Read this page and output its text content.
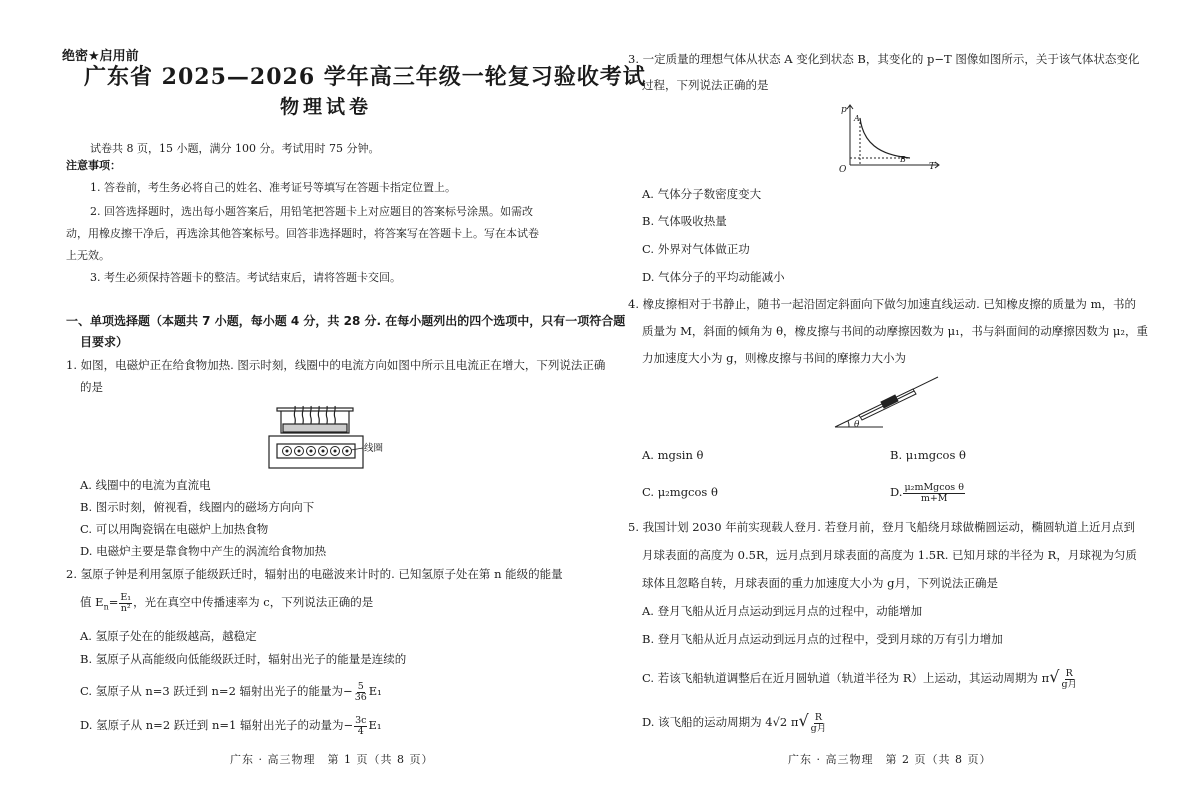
绝密★启用前
广东省 2025—2026 学年高三年级一轮复习验收考试
物理试卷
试卷共 8 页，15 小题，满分 100 分。考试用时 75 分钟。
注意事项：
1. 答卷前，考生务必将自己的姓名、准考证号等填写在答题卡指定位置上。
2. 回答选择题时，选出每小题答案后，用铅笔把答题卡上对应题目的答案标号涂黑。如需改
动，用橡皮擦干净后，再选涂其他答案标号。回答非选择题时，将答案写在答题卡上。写在本试卷
上无效。
3. 考生必须保持答题卡的整洁。考试结束后，请将答题卡交回。
一、单项选择题（本题共 7 小题，每小题 4 分，共 28 分. 在每小题列出的四个选项中，只有一项符合题
目要求）
1. 如图，电磁炉正在给食物加热. 图示时刻，线圈中的电流方向如图中所示且电流正在增大，下列说法正确
的是
线圈
A. 线圈中的电流为直流电
B. 图示时刻，俯视看，线圈内的磁场方向向下
C. 可以用陶瓷锅在电磁炉上加热食物
D. 电磁炉主要是靠食物中产生的涡流给食物加热
2. 氢原子钟是利用氢原子能级跃迁时，辐射出的电磁波来计时的. 已知氢原子处在第 n 能级的能量
值 $E_n= \frac{\text{E₁}}{\text{n²}}$ ，光在真空中传播速率为 c，下列说法正确的是
A. 氢原子处在的能级越高，越稳定
B. 氢原子从高能级向低能级跃迁时，辐射出光子的能量是连续的
C. 氢原子从 n=3 跃迁到 n=2 辐射出光子的能量为− $\frac{5}{36} E_1$
D. 氢原子从 n=2 跃迁到 n=1 辐射出光子的动量为− $\frac{3c}{4} E_1$
广东 · 高三物理　第 1 页（共 8 页）
3. 一定质量的理想气体从状态 A 变化到状态 B，其变化的 p−T 图像如图所示，关于该气体状态变化
过程，下列说法正确的是
p
T
O
A
B
A. 气体分子数密度变大
B. 气体吸收热量
C. 外界对气体做正功
D. 气体分子的平均动能减小
4. 橡皮擦相对于书静止，随书一起沿固定斜面向下做匀加速直线运动. 已知橡皮擦的质量为 m，书的
质量为 M，斜面的倾角为 θ，橡皮擦与书间的动摩擦因数为 μ₁，书与斜面间的动摩擦因数为 μ₂，重
力加速度大小为 g，则橡皮擦与书间的摩擦力大小为
θ
A. mgsin θ	B. μ₁mgcos θ
C. μ₂mgcos θ	D. $\frac{\text{μ₂mMgcos θ}}{m+M}$
5. 我国计划 2030 年前实现载人登月. 若登月前，登月飞船绕月球做椭圆运动，椭圆轨道上近月点到
月球表面的高度为 0.5R，远月点到月球表面的高度为 1.5R. 已知月球的半径为 R，月球视为匀质
球体且忽略自转，月球表面的重力加速度大小为 g月，下列说法正确是
A. 登月飞船从近月点运动到远月点的过程中，动能增加
B. 登月飞船从近月点运动到远月点的过程中，受到月球的万有引力增加
C. 若该飞船轨道调整后在近月圆轨道（轨道半径为 R）上运动，其运动周期为 $\pi√ \frac{R}{\text{g月}}$
D. 该飞船的运动周期为 4√2 $\pi√ \frac{R}{\text{g月}}$
广东 · 高三物理　第 2 页（共 8 页）
